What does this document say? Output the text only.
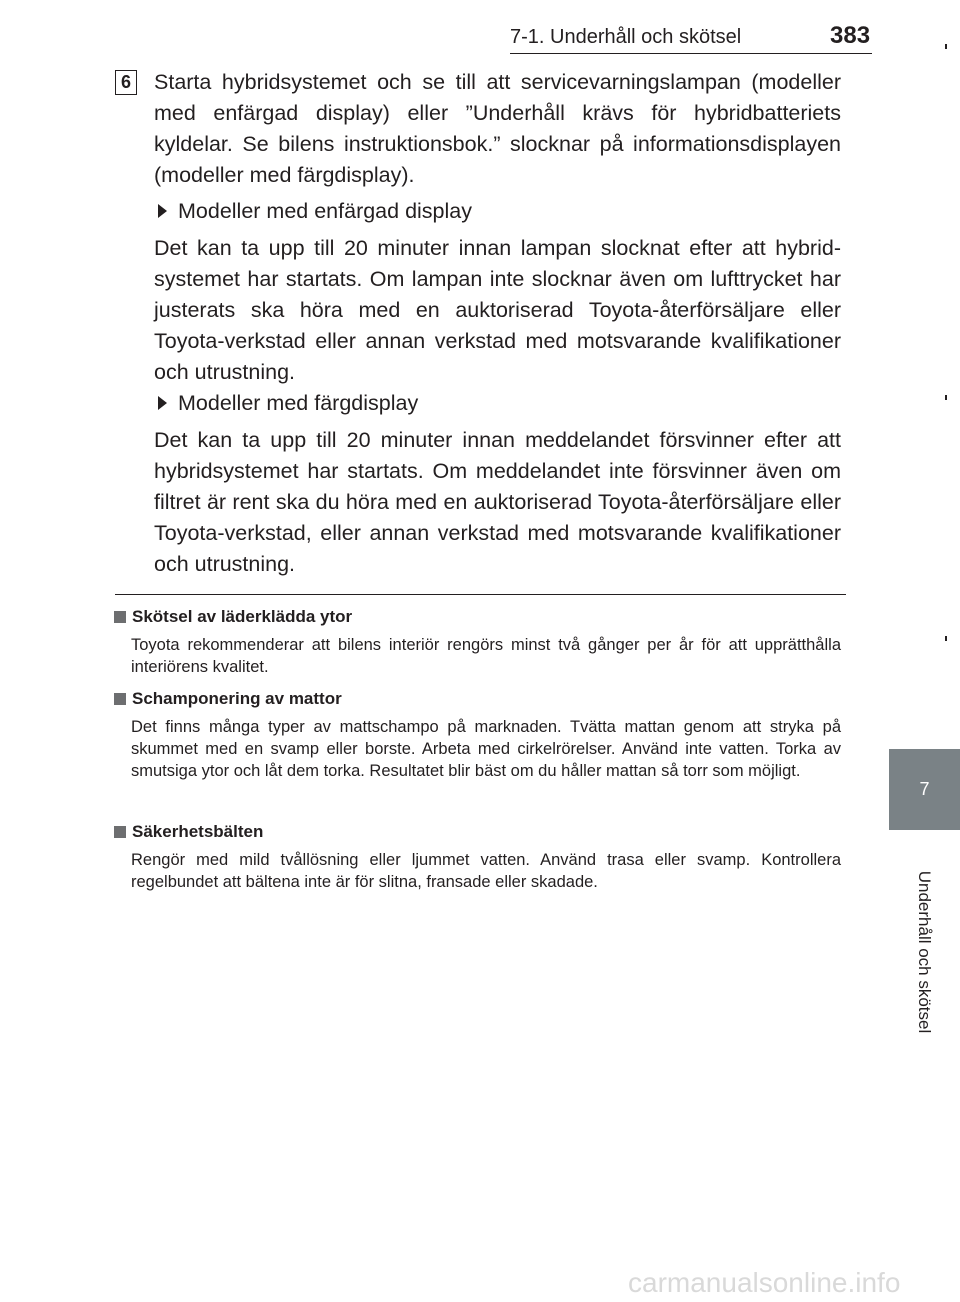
7-1. Underhåll och skötsel	383
7
Underhåll och skötsel
6 Starta hybridsystemet och se till att servicevarningslampan (modeller med enfärgad display) eller ”Underhåll krävs för hybridbatteriets kyldelar. Se bilens instruktionsbok.” slocknar på informationsdisplayen (modeller med färgdisplay).

Modeller med enfärgad display

Det kan ta upp till 20 minuter innan lampan slocknat efter att hybridsystemet har startats. Om lampan inte slocknar även om lufttrycket har justerats ska höra med en auktoriserad Toyota-återförsäljare eller Toyota-verkstad eller annan verkstad med motsvarande kvalifikationer och utrustning.

Modeller med färgdisplay

Det kan ta upp till 20 minuter innan meddelandet försvinner efter att hybridsystemet har startats. Om meddelandet inte försvinner även om filtret är rent ska du höra med en auktoriserad Toyota-återförsäljare eller Toyota-verkstad, eller annan verkstad med motsvarande kvalifikationer och utrustning.

Skötsel av läderklädda ytor

Toyota rekommenderar att bilens interiör rengörs minst två gånger per år för att upprätthålla interiörens kvalitet.

Schamponering av mattor

Det finns många typer av mattschampo på marknaden. Tvätta mattan genom att stryka på skummet med en svamp eller borste. Arbeta med cirkelrörelser. Använd inte vatten. Torka av smutsiga ytor och låt dem torka. Resultatet blir bäst om du håller mattan så torr som möjligt.

Säkerhetsbälten

Rengör med mild tvållösning eller ljummet vatten. Använd trasa eller svamp. Kontrollera regelbundet att bältena inte är för slitna, fransade eller skadade.

carmanualsonline.info
